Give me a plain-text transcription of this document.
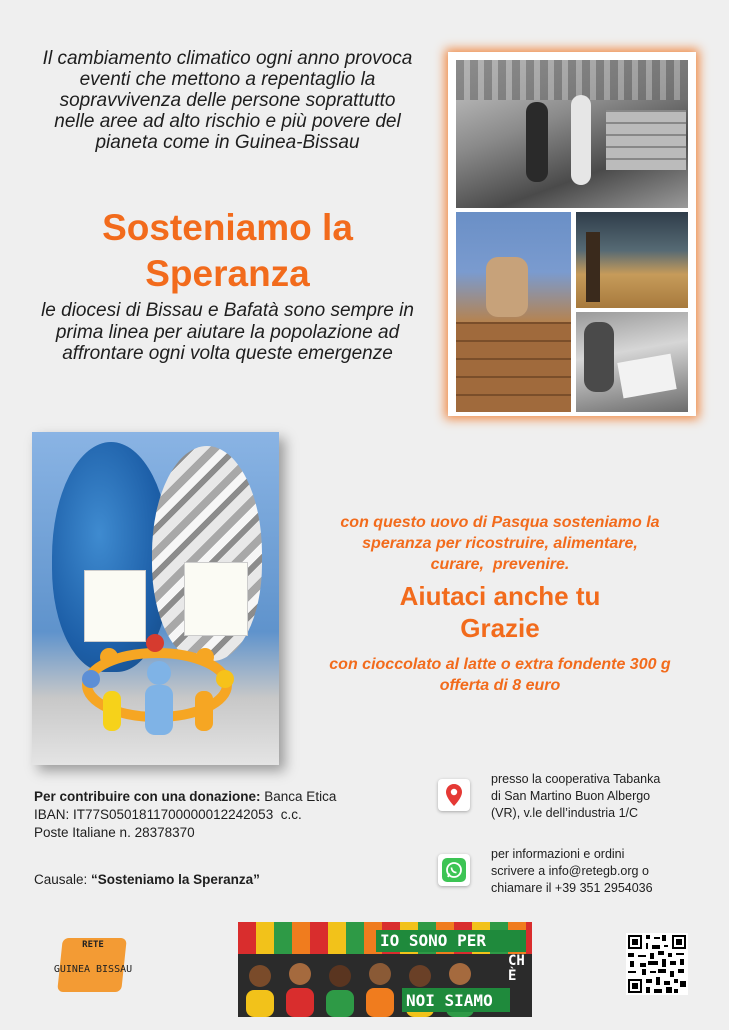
Il cambiamento climatico ogni anno provoca eventi che mettono a repentaglio la sopravvivenza delle persone soprattutto nelle aree ad alto rischio e più povere del pianeta come in Guinea-Bissau
Sosteniamo la
Speranza
le diocesi di Bissau e Bafatà sono sempre in prima linea per aiutare la popolazione ad affrontare ogni volta queste emergenze
con questo uovo di Pasqua sosteniamo la
speranza per ricostruire, alimentare,
curare,  prevenire.
Aiutaci anche tu
Grazie
con cioccolato al latte o extra fondente 300 g
offerta di 8 euro
Per contribuire con una donazione: Banca Etica
IBAN: IT77S0501811700000012242053  c.c.
Poste Italiane n. 28378370
Causale: “Sosteniamo la Speranza”
presso la cooperativa Tabanka
di San Martino Buon Albergo
(VR), v.le dell’industria 1/C
per informazioni e ordini
scrivere a info@retegb.org o
chiamare il +39 351 2954036
RETE
GUINEA BISSAU
IO SONO PER
CHÈ
NOI SIAMO
